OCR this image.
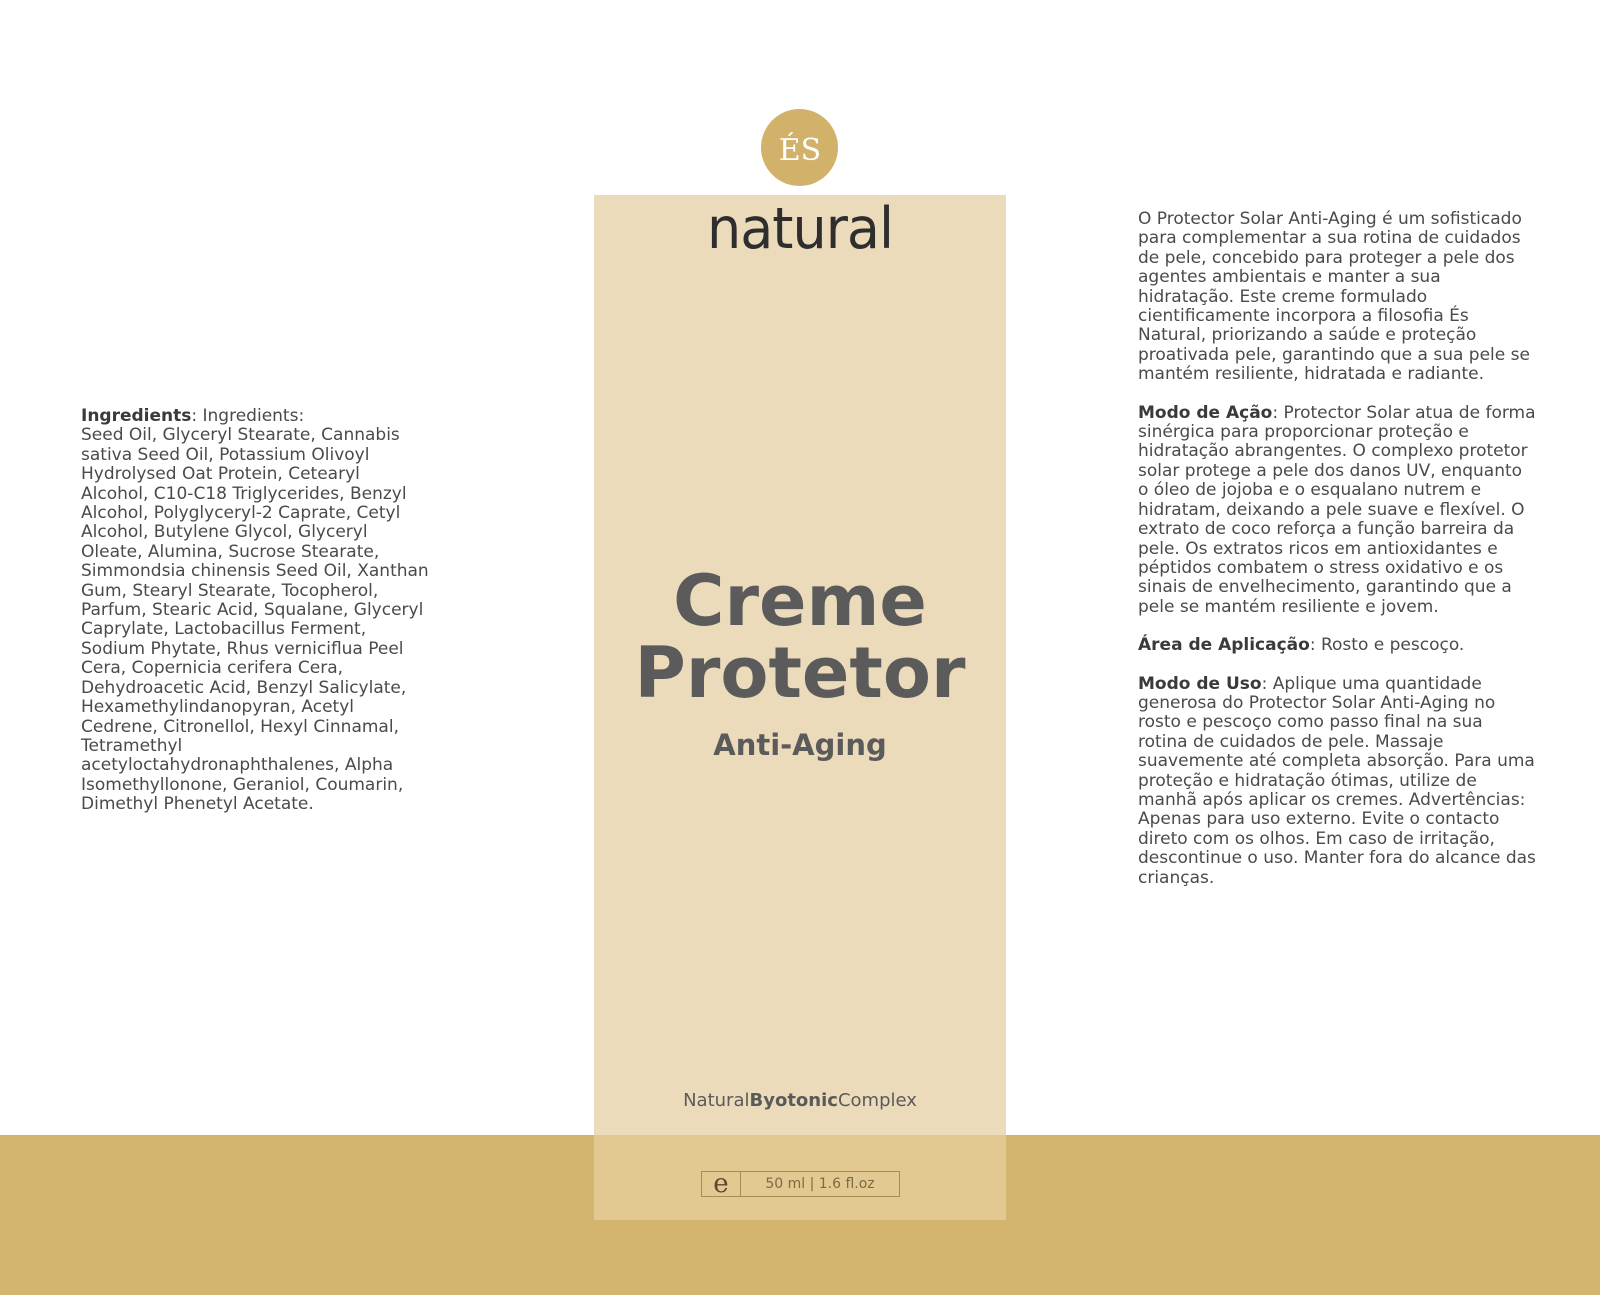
ÉS
natural
Creme
Protetor
Anti-Aging
NaturalByotonicComplex
e	50 ml | 1.6 fl.oz
Ingredients: Ingredients:
Seed Oil, Glyceryl Stearate, Cannabis sativa Seed Oil, Potassium Olivoyl Hydrolysed Oat Protein, Cetearyl Alcohol, C10-C18 Triglycerides, Benzyl Alcohol, Polyglyceryl-2 Caprate, Cetyl Alcohol, Butylene Glycol, Glyceryl Oleate, Alumina, Sucrose Stearate, Simmondsia chinensis Seed Oil, Xanthan Gum, Stearyl Stearate, Tocopherol, Parfum, Stearic Acid, Squalane, Glyceryl Caprylate, Lactobacillus Ferment, Sodium Phytate, Rhus verniciflua Peel Cera, Copernicia cerifera Cera, Dehydroacetic Acid, Benzyl Salicylate, Hexamethylindanopyran, Acetyl Cedrene, Citronellol, Hexyl Cinnamal, Tetramethyl acetyloctahydronaphthalenes, Alpha Isomethyllonone, Geraniol, Coumarin, Dimethyl Phenetyl Acetate.

O Protector Solar Anti-Aging é um sofisticado para complementar a sua rotina de cuidados de pele, concebido para proteger a pele dos agentes ambientais e manter a sua hidratação. Este creme formulado cientificamente incorpora a filosofia És Natural, priorizando a saúde e proteção proativada pele, garantindo que a sua pele se mantém resiliente, hidratada e radiante.

Modo de Ação: Protector Solar atua de forma sinérgica para proporcionar proteção e hidratação abrangentes. O complexo protetor solar protege a pele dos danos UV, enquanto o óleo de jojoba e o esqualano nutrem e hidratam, deixando a pele suave e flexível. O extrato de coco reforça a função barreira da pele. Os extratos ricos em antioxidantes e péptidos combatem o stress oxidativo e os sinais de envelhecimento, garantindo que a pele se mantém resiliente e jovem.

Área de Aplicação: Rosto e pescoço.

Modo de Uso: Aplique uma quantidade generosa do Protector Solar Anti-Aging no rosto e pescoço como passo final na sua rotina de cuidados de pele. Massaje suavemente até completa absorção. Para uma proteção e hidratação ótimas, utilize de manhã após aplicar os cremes. Advertências: Apenas para uso externo. Evite o contacto direto com os olhos. Em caso de irritação, descontinue o uso. Manter fora do alcance das crianças.
